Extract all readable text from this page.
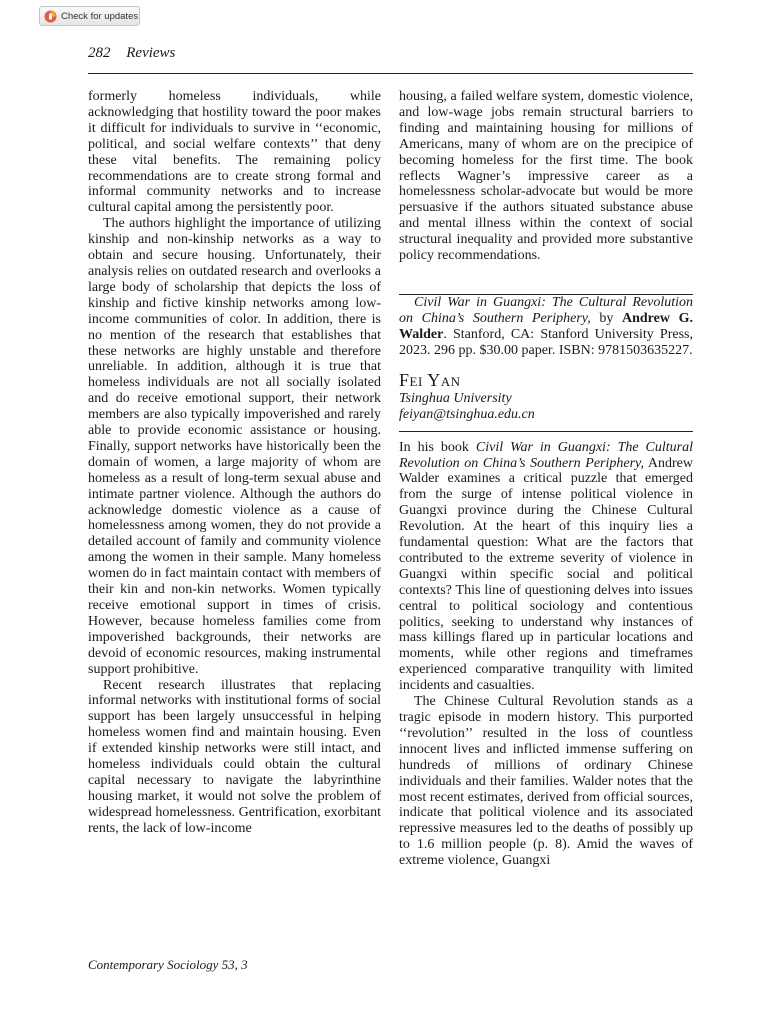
Check for updates
282 Reviews

formerly homeless individuals, while acknowledging that hostility toward the poor makes it difficult for individuals to survive in ‘‘economic, political, and social welfare contexts’’ that deny these vital benefits. The remaining policy recommendations are to create strong formal and informal community networks and to increase cultural capital among the persistently poor.

The authors highlight the importance of utilizing kinship and non-kinship networks as a way to obtain and secure housing. Unfortunately, their analysis relies on outdated research and overlooks a large body of scholarship that depicts the loss of kinship and fictive kinship networks among low-income communities of color. In addition, there is no mention of the research that establishes that these networks are highly unstable and therefore unreliable. In addition, although it is true that homeless individuals are not all socially isolated and do receive emotional support, their network members are also typically impoverished and rarely able to provide economic assistance or housing. Finally, support networks have historically been the domain of women, a large majority of whom are homeless as a result of long-term sexual abuse and intimate partner violence. Although the authors do acknowledge domestic violence as a cause of homelessness among women, they do not provide a detailed account of family and community violence among the women in their sample. Many homeless women do in fact maintain contact with members of their kin and non-kin networks. Women typically receive emotional support in times of crisis. However, because homeless families come from impoverished backgrounds, their networks are devoid of economic resources, making instrumental support prohibitive.

Recent research illustrates that replacing informal networks with institutional forms of social support has been largely unsuccessful in helping homeless women find and maintain housing. Even if extended kinship networks were still intact, and homeless individuals could obtain the cultural capital necessary to navigate the labyrinthine housing market, it would not solve the problem of widespread homelessness. Gentrification, exorbitant rents, the lack of low-income

housing, a failed welfare system, domestic violence, and low-wage jobs remain structural barriers to finding and maintaining housing for millions of Americans, many of whom are on the precipice of becoming homeless for the first time. The book reflects Wagner’s impressive career as a homelessness scholar-advocate but would be more persuasive if the authors situated substance abuse and mental illness within the context of social structural inequality and provided more substantive policy recommendations.

Civil War in Guangxi: The Cultural Revolution on China’s Southern Periphery, by Andrew G. Walder. Stanford, CA: Stanford University Press, 2023. 296 pp. $30.00 paper. ISBN: 9781503635227.

FEI YAN
Tsinghua University
feiyan@tsinghua.edu.cn

In his book Civil War in Guangxi: The Cultural Revolution on China’s Southern Periphery, Andrew Walder examines a critical puzzle that emerged from the surge of intense political violence in Guangxi province during the Chinese Cultural Revolution. At the heart of this inquiry lies a fundamental question: What are the factors that contributed to the extreme severity of violence in Guangxi within specific social and political contexts? This line of questioning delves into issues central to political sociology and contentious politics, seeking to understand why instances of mass killings flared up in particular locations and moments, while other regions and timeframes experienced comparative tranquility with limited incidents and casualties.

The Chinese Cultural Revolution stands as a tragic episode in modern history. This purported ‘‘revolution’’ resulted in the loss of countless innocent lives and inflicted immense suffering on hundreds of millions of ordinary Chinese individuals and their families. Walder notes that the most recent estimates, derived from official sources, indicate that political violence and its associated repressive measures led to the deaths of possibly up to 1.6 million people (p. 8). Amid the waves of extreme violence, Guangxi

Contemporary Sociology 53, 3
